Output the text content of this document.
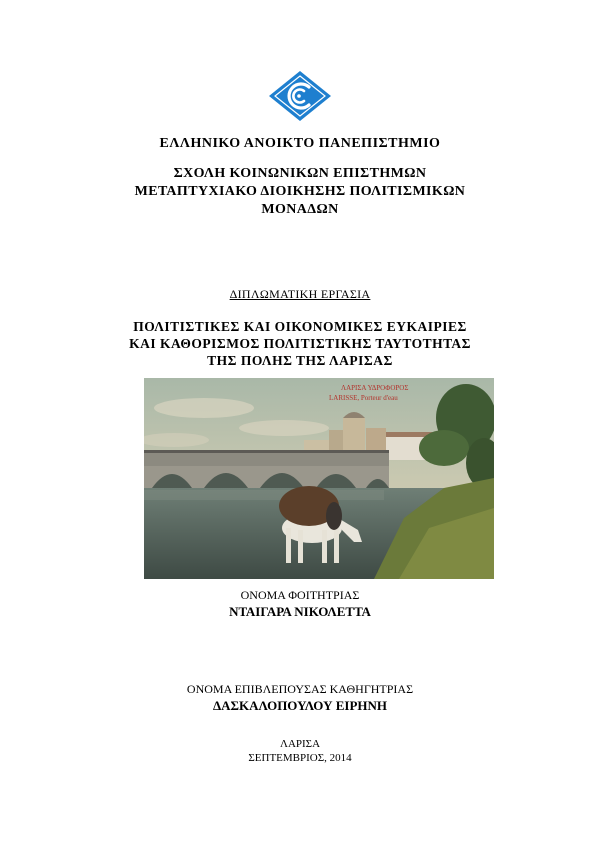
ΕΛΛΗΝΙΚΟ ΑΝΟΙΚΤΟ ΠΑΝΕΠΙΣΤΗΜΙΟ
ΣΧΟΛΗ ΚΟΙΝΩΝΙΚΩΝ ΕΠΙΣΤΗΜΩΝ
ΜΕΤΑΠΤΥΧΙΑΚΟ ΔΙΟΙΚΗΣΗΣ ΠΟΛΙΤΙΣΜΙΚΩΝ
ΜΟΝΑΔΩΝ
ΔΙΠΛΩΜΑΤΙΚΗ ΕΡΓΑΣΙΑ
ΠΟΛΙΤΙΣΤΙΚΕΣ ΚΑΙ ΟΙΚΟΝΟΜΙΚΕΣ ΕΥΚΑΙΡΙΕΣ
ΚΑΙ ΚΑΘΟΡΙΣΜΟΣ ΠΟΛΙΤΙΣΤΙΚΗΣ ΤΑΥΤΟΤΗΤΑΣ
ΤΗΣ ΠΟΛΗΣ ΤΗΣ ΛΑΡΙΣΑΣ
ΛΑΡΙΣΑ ΥΔΡΟΦΟΡΟΣ
LARISSE, Porteur d'eau
ΟΝΟΜΑ ΦΟΙΤΗΤΡΙΑΣ
ΝΤΑΙΓΑΡΑ ΝΙΚΟΛΕΤΤΑ
ΟΝΟΜΑ ΕΠΙΒΛΕΠΟΥΣΑΣ ΚΑΘΗΓΗΤΡΙΑΣ
ΔΑΣΚΑΛΟΠΟΥΛΟΥ ΕΙΡΗΝΗ
ΛΑΡΙΣΑ
ΣΕΠΤΕΜΒΡΙΟΣ, 2014
